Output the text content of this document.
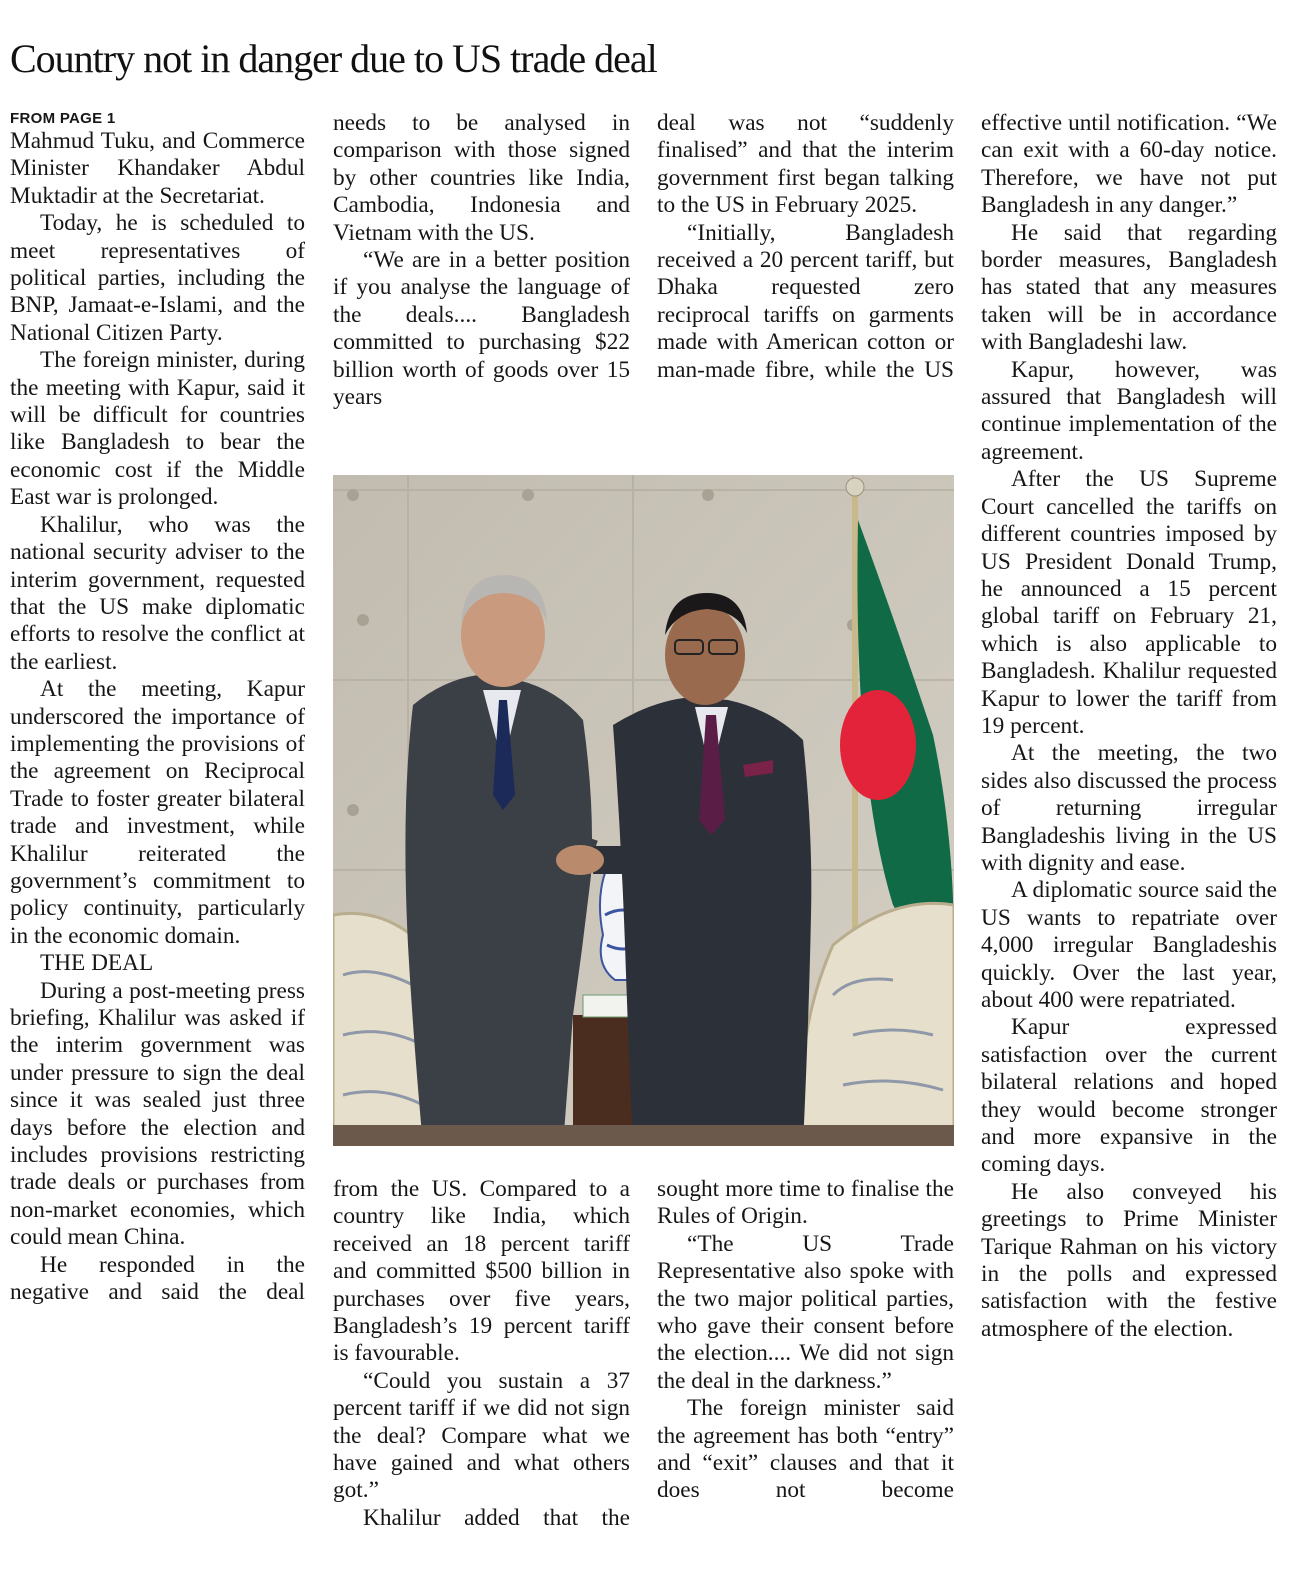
Country not in danger due to US trade deal
FROM PAGE 1

Mahmud Tuku, and Commerce Minister Khandaker Abdul Muktadir at the Secretariat.

Today, he is scheduled to meet representatives of political parties, including the BNP, Jamaat-e-Islami, and the National Citizen Party.

The foreign minister, during the meeting with Kapur, said it will be difficult for countries like Bangladesh to bear the economic cost if the Middle East war is prolonged.

Khalilur, who was the national security adviser to the interim government, requested that the US make diplomatic efforts to resolve the conflict at the earliest.

At the meeting, Kapur underscored the importance of implementing the provisions of the agreement on Reciprocal Trade to foster greater bilateral trade and investment, while Khalilur reiterated the government’s commitment to policy continuity, particularly in the economic domain.

THE DEAL

During a post-meeting press briefing, Khalilur was asked if the interim government was under pressure to sign the deal since it was sealed just three days before the election and includes provisions restricting trade deals or purchases from non-market economies, which could mean China.

He responded in the negative and said the deal

needs to be analysed in comparison with those signed by other countries like India, Cambodia, Indonesia and Vietnam with the US.

“We are in a better position if you analyse the language of the deals.... Bangladesh committed to purchasing $22 billion worth of goods over 15 years

deal was not “suddenly finalised” and that the interim government first began talking to the US in February 2025.

“Initially, Bangladesh received a 20 percent tariff, but Dhaka requested zero reciprocal tariffs on garments made with American cotton or man-made fibre, while the US

from the US. Compared to a country like India, which received an 18 percent tariff and committed $500 billion in purchases over five years, Bangladesh’s 19 percent tariff is favourable.

“Could you sustain a 37 percent tariff if we did not sign the deal? Compare what we have gained and what others got.”

Khalilur added that the

sought more time to finalise the Rules of Origin.

“The US Trade Representative also spoke with the two major political parties, who gave their consent before the election.... We did not sign the deal in the darkness.”

The foreign minister said the agreement has both “entry” and “exit” clauses and that it does not become

effective until notification. “We can exit with a 60-day notice. Therefore, we have not put Bangladesh in any danger.”

He said that regarding border measures, Bangladesh has stated that any measures taken will be in accordance with Bangladeshi law.

Kapur, however, was assured that Bangladesh will continue implementation of the agreement.

After the US Supreme Court cancelled the tariffs on different countries imposed by US President Donald Trump, he announced a 15 percent global tariff on February 21, which is also applicable to Bangladesh. Khalilur requested Kapur to lower the tariff from 19 percent.

At the meeting, the two sides also discussed the process of returning irregular Bangladeshis living in the US with dignity and ease.

A diplomatic source said the US wants to repatriate over 4,000 irregular Bangladeshis quickly. Over the last year, about 400 were repatriated.

Kapur expressed satisfaction over the current bilateral relations and hoped they would become stronger and more expansive in the coming days.

He also conveyed his greetings to Prime Minister Tarique Rahman on his victory in the polls and expressed satisfaction with the festive atmosphere of the election.
